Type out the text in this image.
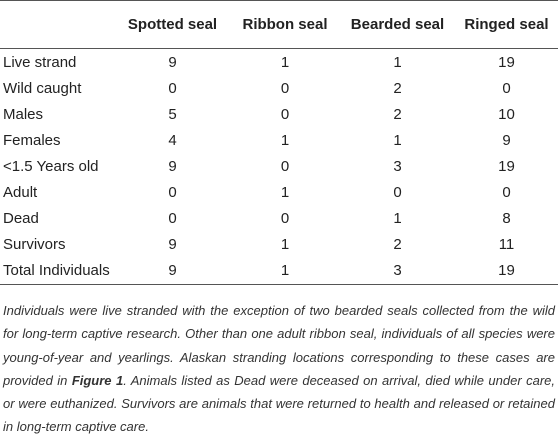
	Spotted seal	Ribbon seal	Bearded seal	Ringed seal
Live strand	9	1	1	19
Wild caught	0	0	2	0
Males	5	0	2	10
Females	4	1	1	9
<1.5 Years old	9	0	3	19
Adult	0	1	0	0
Dead	0	0	1	8
Survivors	9	1	2	11
Total Individuals	9	1	3	19

Individuals were live stranded with the exception of two bearded seals collected from the wild for long-term captive research. Other than one adult ribbon seal, individuals of all species were young-of-year and yearlings. Alaskan stranding locations corresponding to these cases are provided in Figure 1. Animals listed as Dead were deceased on arrival, died while under care, or were euthanized. Survivors are animals that were returned to health and released or retained in long-term captive care.
